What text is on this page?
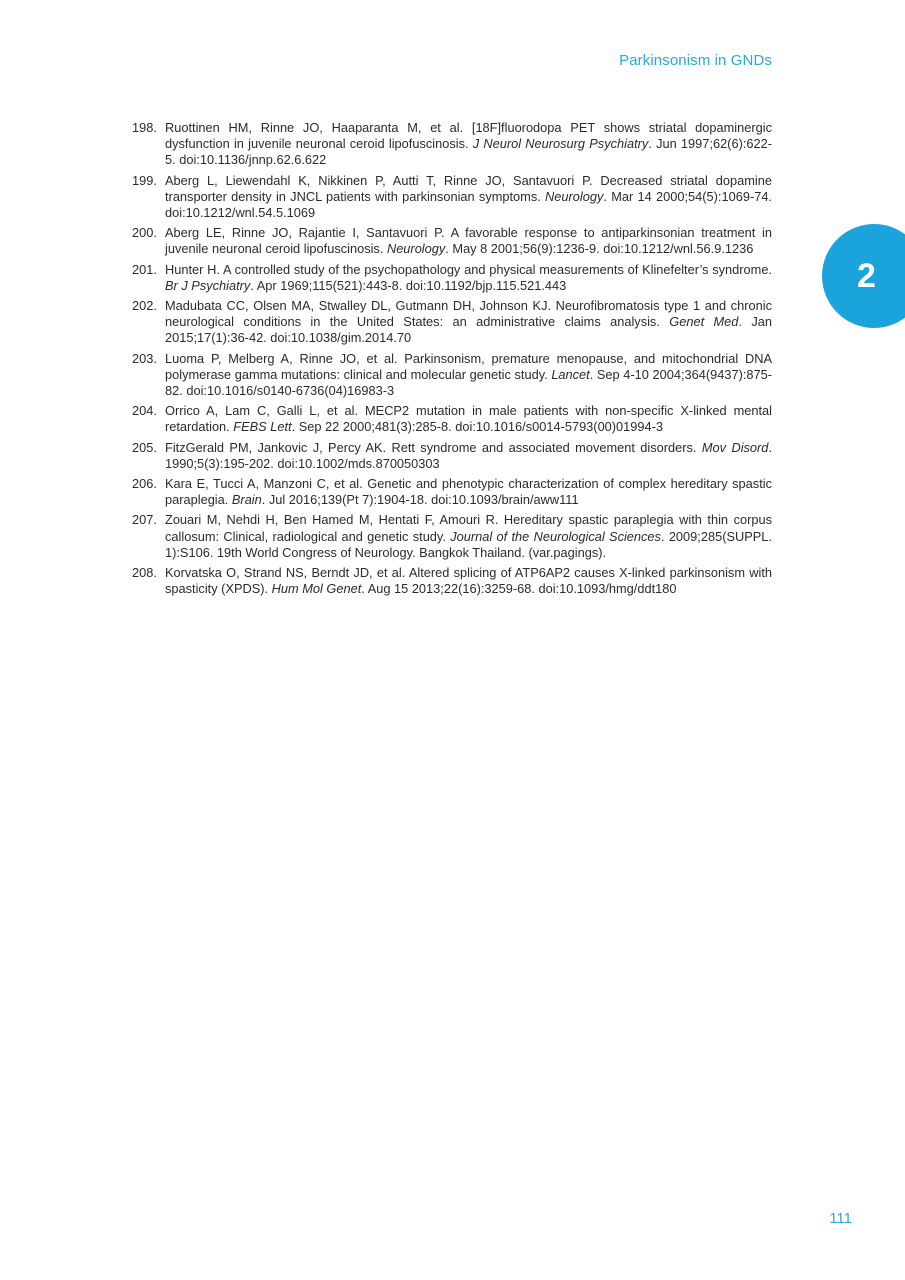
Parkinsonism in GNDs
2
198. Ruottinen HM, Rinne JO, Haaparanta M, et al. [18F]fluorodopa PET shows striatal dopaminergic dysfunction in juvenile neuronal ceroid lipofuscinosis. J Neurol Neurosurg Psychiatry. Jun 1997;62(6):622-5. doi:10.1136/jnnp.62.6.622
199. Aberg L, Liewendahl K, Nikkinen P, Autti T, Rinne JO, Santavuori P. Decreased striatal dopamine transporter density in JNCL patients with parkinsonian symptoms. Neurology. Mar 14 2000;54(5):1069-74. doi:10.1212/wnl.54.5.1069
200. Aberg LE, Rinne JO, Rajantie I, Santavuori P. A favorable response to antiparkinsonian treatment in juvenile neuronal ceroid lipofuscinosis. Neurology. May 8 2001;56(9):1236-9. doi:10.1212/wnl.56.9.1236
201. Hunter H. A controlled study of the psychopathology and physical measurements of Klinefelter’s syndrome. Br J Psychiatry. Apr 1969;115(521):443-8. doi:10.1192/bjp.115.521.443
202. Madubata CC, Olsen MA, Stwalley DL, Gutmann DH, Johnson KJ. Neurofibromatosis type 1 and chronic neurological conditions in the United States: an administrative claims analysis. Genet Med. Jan 2015;17(1):36-42. doi:10.1038/gim.2014.70
203. Luoma P, Melberg A, Rinne JO, et al. Parkinsonism, premature menopause, and mitochondrial DNA polymerase gamma mutations: clinical and molecular genetic study. Lancet. Sep 4-10 2004;364(9437):875-82. doi:10.1016/s0140-6736(04)16983-3
204. Orrico A, Lam C, Galli L, et al. MECP2 mutation in male patients with non-specific X-linked mental retardation. FEBS Lett. Sep 22 2000;481(3):285-8. doi:10.1016/s0014-5793(00)01994-3
205. FitzGerald PM, Jankovic J, Percy AK. Rett syndrome and associated movement disorders. Mov Disord. 1990;5(3):195-202. doi:10.1002/mds.870050303
206. Kara E, Tucci A, Manzoni C, et al. Genetic and phenotypic characterization of complex hereditary spastic paraplegia. Brain. Jul 2016;139(Pt 7):1904-18. doi:10.1093/brain/aww111
207. Zouari M, Nehdi H, Ben Hamed M, Hentati F, Amouri R. Hereditary spastic paraplegia with thin corpus callosum: Clinical, radiological and genetic study. Journal of the Neurological Sciences. 2009;285(SUPPL. 1):S106. 19th World Congress of Neurology. Bangkok Thailand. (var.pagings).
208. Korvatska O, Strand NS, Berndt JD, et al. Altered splicing of ATP6AP2 causes X-linked parkinsonism with spasticity (XPDS). Hum Mol Genet. Aug 15 2013;22(16):3259-68. doi:10.1093/hmg/ddt180
111
